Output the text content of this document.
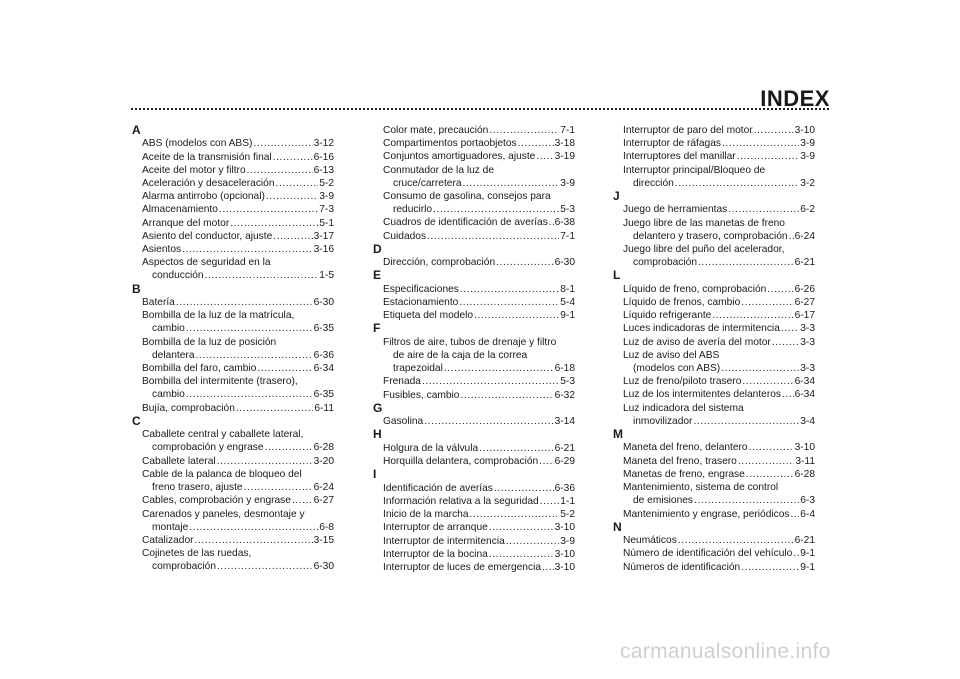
INDEX
A
ABS (modelos con ABS) .....	3-12
Aceite de la transmisión final .....	6-16
Aceite del motor y filtro .....	6-13
Aceleración y desaceleración .....	5-2
Alarma antirrobo (opcional) .....	3-9
Almacenamiento .....	7-3
Arranque del motor .....	5-1
Asiento del conductor, ajuste .....	3-17
Asientos .....	3-16
Aspectos de seguridad en la
conducción .....	1-5
B
Batería .....	6-30
Bombilla de la luz de la matrícula,
cambio .....	6-35
Bombilla de la luz de posición
delantera .....	6-36
Bombilla del faro, cambio .....	6-34
Bombilla del intermitente (trasero),
cambio .....	6-35
Bujía, comprobación .....	6-11
C
Caballete central y caballete lateral,
comprobación y engrase .....	6-28
Caballete lateral .....	3-20
Cable de la palanca de bloqueo del
freno trasero, ajuste .....	6-24
Cables, comprobación y engrase ..... 6-27
Carenados y paneles, desmontaje y
montaje .....	6-8
Catalizador .....	3-15
Cojinetes de las ruedas,
comprobación .....	6-30
Color mate, precaución .....	7-1
Compartimentos portaobjetos .....	3-18
Conjuntos amortiguadores, ajuste ..... 3-19
Conmutador de la luz de
cruce/carretera .....	3-9
Consumo de gasolina, consejos para
reducirlo .....	5-3
Cuadros de identificación de averías ..... 6-38
Cuidados .....	7-1
D
Dirección, comprobación .....	6-30
E
Especificaciones .....	8-1
Estacionamiento .....	5-4
Etiqueta del modelo .....	9-1
F
Filtros de aire, tubos de drenaje y filtro
de aire de la caja de la correa
trapezoidal .....	6-18
Frenada .....	5-3
Fusibles, cambio .....	6-32
G
Gasolina .....	3-14
H
Holgura de la válvula .....	6-21
Horquilla delantera, comprobación ..... 6-29
I
Identificación de averías .....	6-36
Información relativa a la seguridad ..... 1-1
Inicio de la marcha .....	5-2
Interruptor de arranque .....	3-10
Interruptor de intermitencia .....	3-9
Interruptor de la bocina .....	3-10
Interruptor de luces de emergencia ..... 3-10
Interruptor de paro del motor .....	3-10
Interruptor de ráfagas .....	3-9
Interruptores del manillar .....	3-9
Interruptor principal/Bloqueo de
dirección .....	3-2
J
Juego de herramientas .....	6-2
Juego libre de las manetas de freno
delantero y trasero, comprobación ..... 6-24
Juego libre del puño del acelerador,
comprobación .....	6-21
L
Líquido de freno, comprobación .....	6-26
Líquido de frenos, cambio .....	6-27
Líquido refrigerante .....	6-17
Luces indicadoras de intermitencia ..... 3-3
Luz de aviso de avería del motor .....	3-3
Luz de aviso del ABS
(modelos con ABS) .....	3-3
Luz de freno/piloto trasero .....	6-34
Luz de los intermitentes delanteros ..... 6-34
Luz indicadora del sistema
inmovilizador .....	3-4
M
Maneta del freno, delantero .....	3-10
Maneta del freno, trasero .....	3-11
Manetas de freno, engrase .....	6-28
Mantenimiento, sistema de control
de emisiones .....	6-3
Mantenimiento y engrase, periódicos ..... 6-4
N
Neumáticos .....	6-21
Número de identificación del vehículo ..... 9-1
Números de identificación .....	9-1
carmanualsonline.info
